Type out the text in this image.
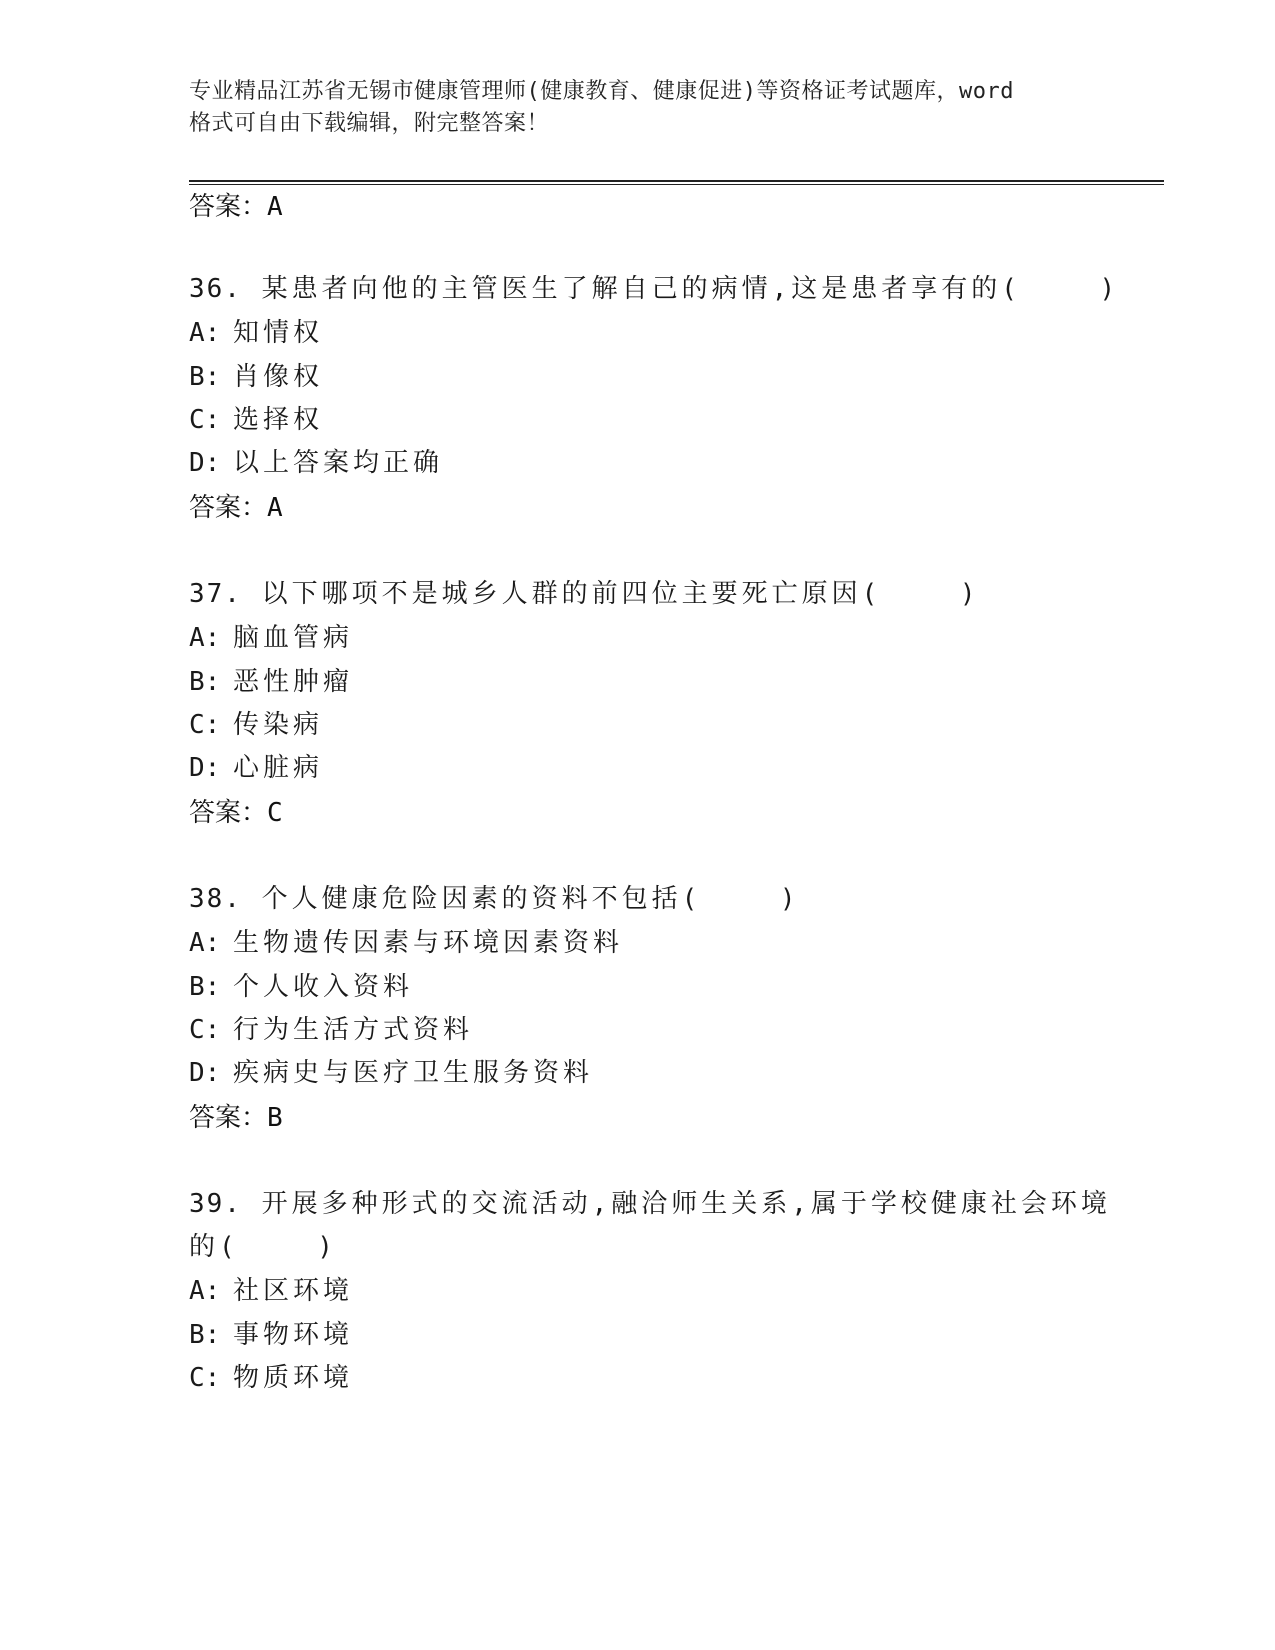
专业精品江苏省无锡市健康管理师(健康教育、健康促进)等资格证考试题库，word
格式可自由下载编辑，附完整答案！
答案：A
36. 某患者向他的主管医生了解自己的病情,这是患者享有的(    )
A: 知情权
B: 肖像权
C: 选择权
D: 以上答案均正确
答案：A
37. 以下哪项不是城乡人群的前四位主要死亡原因(    )
A: 脑血管病
B: 恶性肿瘤
C: 传染病
D: 心脏病
答案：C
38. 个人健康危险因素的资料不包括(    )
A: 生物遗传因素与环境因素资料
B: 个人收入资料
C: 行为生活方式资料
D: 疾病史与医疗卫生服务资料
答案：B
39. 开展多种形式的交流活动,融洽师生关系,属于学校健康社会环境
的(    )
A: 社区环境
B: 事物环境
C: 物质环境
